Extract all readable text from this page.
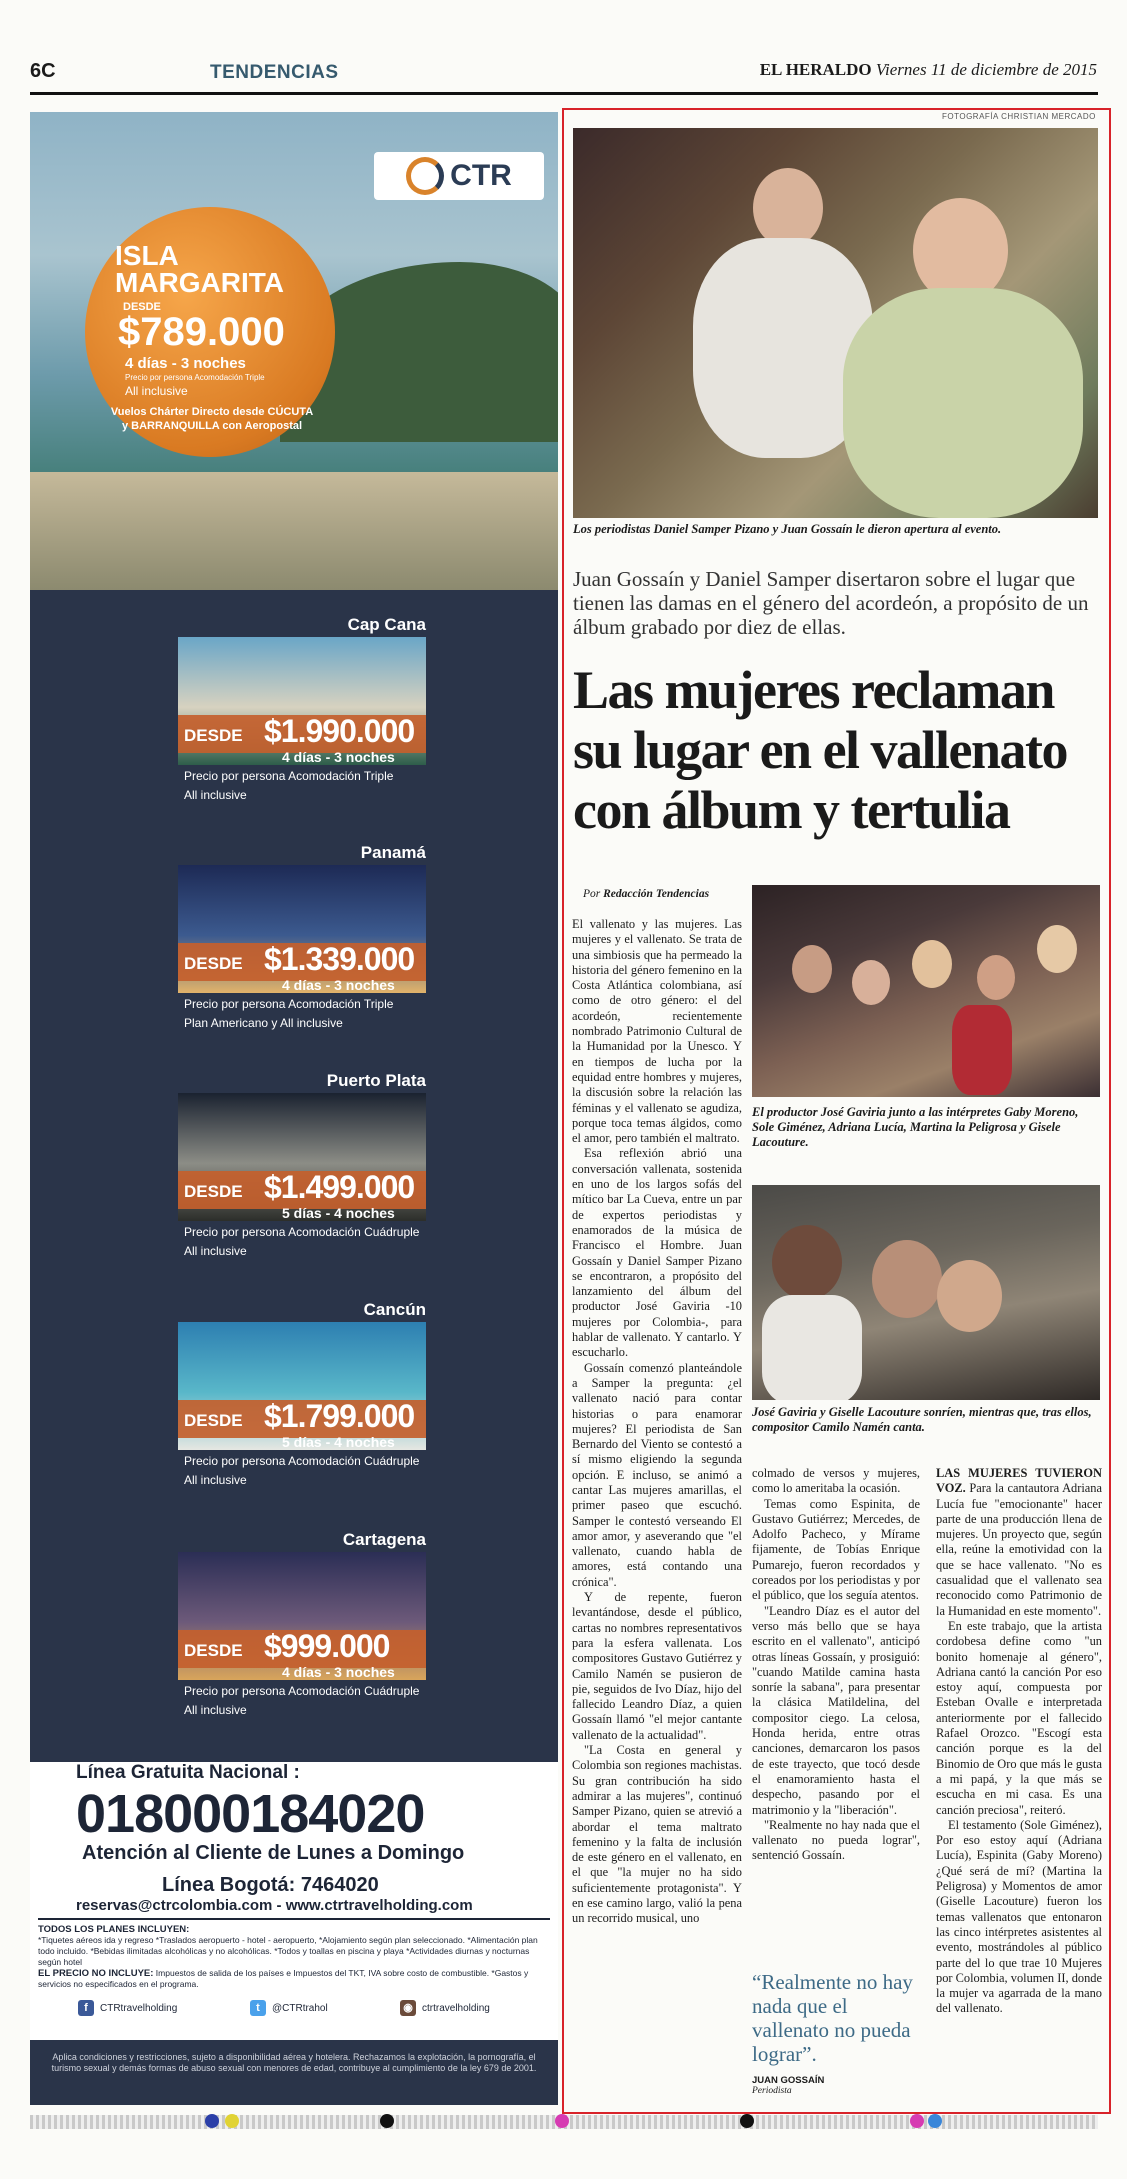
6C	TENDENCIAS	EL HERALDO Viernes 11 de diciembre de 2015
CTR
ISLA MARGARITA
DESDE
$789.000
4 días - 3 noches
Precio por persona Acomodación Triple
All inclusive
Vuelos Chárter Directo desde CÚCUTA y BARRANQUILLA con Aeropostal
Cap Cana
DESDE $1.990.000
4 días - 3 noches
Precio por persona Acomodación Triple
All inclusive
Panamá
DESDE $1.339.000
4 días - 3 noches
Precio por persona Acomodación Triple
Plan Americano y All inclusive
Puerto Plata
DESDE $1.499.000
5 días - 4 noches
Precio por persona Acomodación Cuádruple
All inclusive
Cancún
DESDE $1.799.000
5 días - 4 noches
Precio por persona Acomodación Cuádruple
All inclusive
Cartagena
DESDE $999.000
4 días - 3 noches
Precio por persona Acomodación Cuádruple
All inclusive
Línea Gratuita Nacional :
018000184020
Atención al Cliente de Lunes a Domingo
Línea Bogotá: 7464020
reservas@ctrcolombia.com - www.ctrtravelholding.com
TODOS LOS PLANES INCLUYEN:
*Tiquetes aéreos ida y regreso *Traslados aeropuerto - hotel - aeropuerto, *Alojamiento según plan seleccionado. *Alimentación plan todo incluido. *Bebidas ilimitadas alcohólicas y no alcohólicas. *Todos y toallas en piscina y playa *Actividades diurnas y nocturnas según hotel
EL PRECIO NO INCLUYE: Impuestos de salida de los países e Impuestos del TKT, IVA sobre costo de combustible. *Gastos y servicios no especificados en el programa.
f	CTRtravelholding	t	@CTRtrahol	◉ ctrtravelholding
Aplica condiciones y restricciones, sujeto a disponibilidad aérea y hotelera. Rechazamos la explotación, la pornografía, el turismo sexual y demás formas de abuso sexual con menores de edad, contribuye al cumplimiento de la ley 679 de 2001.
FOTOGRAFÍA CHRISTIAN MERCADO
Los periodistas Daniel Samper Pizano y Juan Gossaín le dieron apertura al evento.
Juan Gossaín y Daniel Samper disertaron sobre el lugar que tienen las damas en el género del acordeón, a propósito de un álbum grabado por diez de ellas.
Las mujeres reclaman su lugar en el vallenato con álbum y tertulia
Por Redacción Tendencias

El vallenato y las mujeres. Las mujeres y el vallenato. Se trata de una simbiosis que ha permeado la historia del género femenino en la Costa Atlántica colombiana, así como de otro género: el del acordeón, recientemente nombrado Patrimonio Cultural de la Humanidad por la Unesco. Y en tiempos de lucha por la equidad entre hombres y mujeres, la discusión sobre la relación las féminas y el vallenato se agudiza, porque toca temas álgidos, como el amor, pero también el maltrato.

Esa reflexión abrió una conversación vallenata, sostenida en uno de los largos sofás del mítico bar La Cueva, entre un par de expertos periodistas y enamorados de la música de Francisco el Hombre. Juan Gossaín y Daniel Samper Pizano se encontraron, a propósito del lanzamiento del álbum del productor José Gaviria -10 mujeres por Colombia-, para hablar de vallenato. Y cantarlo. Y escucharlo.

Gossaín comenzó planteándole a Samper la pregunta: ¿el vallenato nació para contar historias o para enamorar mujeres? El periodista de San Bernardo del Viento se contestó a sí mismo eligiendo la segunda opción. E incluso, se animó a cantar Las mujeres amarillas, el primer paseo que escuchó. Samper le contestó verseando El amor amor, y aseverando que "el vallenato, cuando habla de amores, está contando una crónica".

Y de repente, fueron levantándose, desde el público, cartas no nombres representativos para la esfera vallenata. Los compositores Gustavo Gutiérrez y Camilo Namén se pusieron de pie, seguidos de Ivo Díaz, hijo del fallecido Leandro Díaz, a quien Gossaín llamó "el mejor cantante vallenato de la actualidad".

"La Costa en general y Colombia son regiones machistas. Su gran contribución ha sido admirar a las mujeres", continuó Samper Pizano, quien se atrevió a abordar el tema maltrato femenino y la falta de inclusión de este género en el vallenato, en el que "la mujer no ha sido suficientemente protagonista". Y en ese camino largo, valió la pena un recorrido musical, uno

El productor José Gaviria junto a las intérpretes Gaby Moreno, Sole Giménez, Adriana Lucía, Martina la Peligrosa y Gisele Lacouture.
José Gaviria y Giselle Lacouture sonríen, mientras que, tras ellos, compositor Camilo Namén canta.

colmado de versos y mujeres, como lo ameritaba la ocasión.

Temas como Espinita, de Gustavo Gutiérrez; Mercedes, de Adolfo Pacheco, y Mírame fijamente, de Tobías Enrique Pumarejo, fueron recordados y coreados por los periodistas y por el público, que los seguía atentos.

"Leandro Díaz es el autor del verso más bello que se haya escrito en el vallenato", anticipó otras líneas Gossaín, y prosiguió: "cuando Matilde camina hasta sonríe la sabana", para presentar la clásica Matildelina, del compositor ciego. La celosa, Honda herida, entre otras canciones, demarcaron los pasos de este trayecto, que tocó desde el enamoramiento hasta el despecho, pasando por el matrimonio y la "liberación".

"Realmente no hay nada que el vallenato no pueda lograr", sentenció Gossaín.

LAS MUJERES TUVIERON VOZ. Para la cantautora Adriana Lucía fue "emocionante" hacer parte de una producción llena de mujeres. Un proyecto que, según ella, reúne la emotividad con la que se hace vallenato. "No es casualidad que el vallenato sea reconocido como Patrimonio de la Humanidad en este momento".

En este trabajo, que la artista cordobesa define como "un bonito homenaje al género", Adriana cantó la canción Por eso estoy aquí, compuesta por Esteban Ovalle e interpretada anteriormente por el fallecido Rafael Orozco. "Escogí esta canción porque es la del Binomio de Oro que más le gusta a mi papá, y la que más se escucha en mi casa. Es una canción preciosa", reiteró.

El testamento (Sole Giménez), Por eso estoy aquí (Adriana Lucía), Espinita (Gaby Moreno) ¿Qué será de mí? (Martina la Peligrosa) y Momentos de amor (Giselle Lacouture) fueron los temas vallenatos que entonaron las cinco intérpretes asistentes al evento, mostrándoles al público parte del lo que trae 10 Mujeres por Colombia, volumen II, donde la mujer va agarrada de la mano del vallenato.

“Realmente no hay nada que el vallenato no pueda lograr”.
JUAN GOSSAÍN
Periodista
